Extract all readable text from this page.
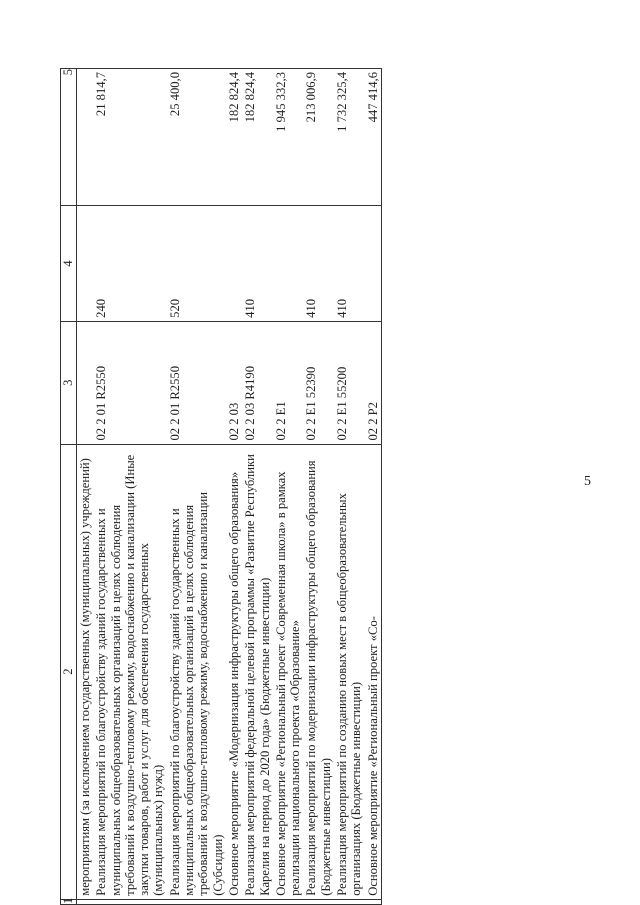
5
1	2	3	4	5
	мероприятиям (за исключением государственных (муниципальных) учреждений)			
	Реализация мероприятий по благоустройству зданий государственных и муниципальных общеобразовательных организаций в целях соблюдения требований к воздушно-тепловому режиму, водоснабжению и канализации (Иные закупки товаров, работ и услуг для обеспечения государственных (муниципальных) нужд)	02 2 01 R2550	240	21 814,7
	Реализация мероприятий по благоустройству зданий государственных и муниципальных общеобразовательных организаций в целях соблюдения требований к воздушно-тепловому режиму, водоснабжению и канализации (Субсидии)	02 2 01 R2550	520	25 400,0
	Основное мероприятие «Модернизация инфраструктуры общего образования»	02 2 03		182 824,4
	Реализация мероприятий федеральной целевой программы «Развитие Республики Карелия на период до 2020 года» (Бюджетные инвестиции)	02 2 03 R4190	410	182 824,4
	Основное мероприятие «Региональный проект «Современная школа» в рамках реализации национального проекта «Образование»	02 2 E1		1 945 332,3
	Реализация мероприятий по модернизации инфраструктуры общего образования (Бюджетные инвестиции)	02 2 E1 52390	410	213 006,9
	Реализация мероприятий по созданию новых мест в общеобразовательных организациях (Бюджетные инвестиции)	02 2 E1 55200	410	1 732 325,4
	Основное мероприятие «Региональный проект «Со-	02 2 P2		447 414,6
